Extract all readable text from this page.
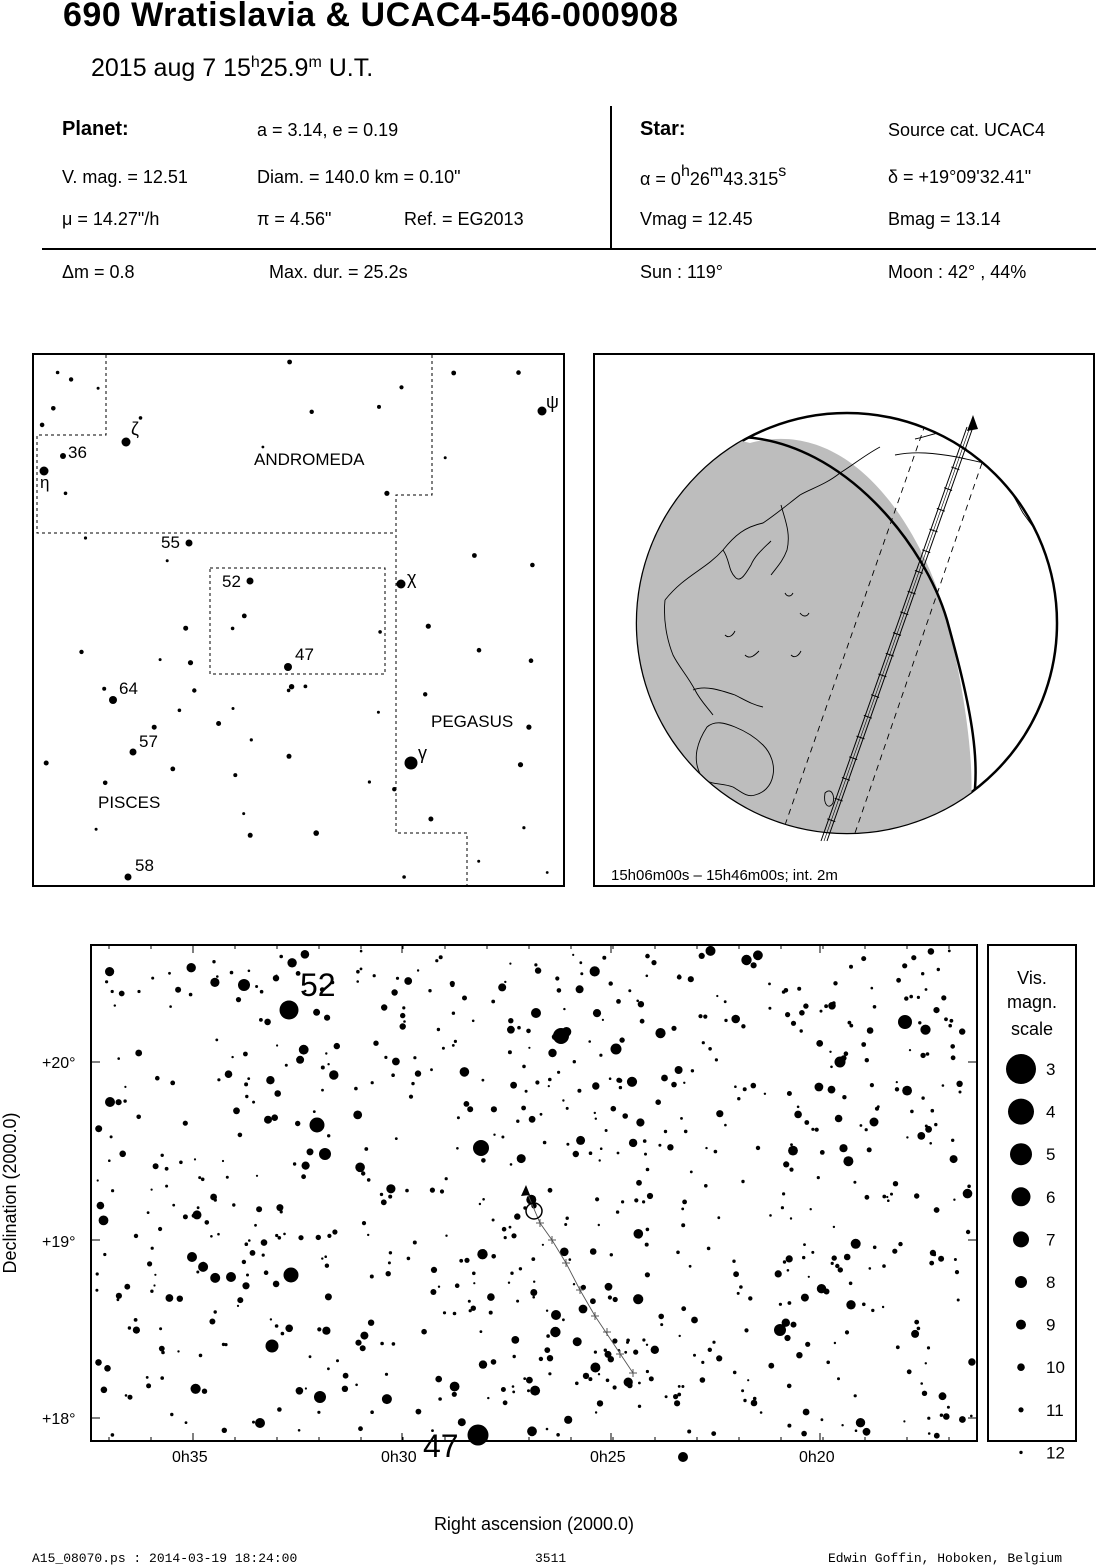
690 Wratislavia & UCAC4-546-000908
2015 aug 7 15$^h$25.9$^m$ U.T.
Planet:	a = 3.14, e = 0.19
V. mag. = 12.51	Diam. = 140.0 km = 0.10"
μ = 14.27"/h	π = 4.56"	Ref. = EG2013
Star:	Source cat. UCAC4
α = 0h26m43.315s	δ = +19°09'32.41"
Vmag = 12.45	Bmag = 13.14
Δm = 0.8	Max. dur. = 25.2s	Sun : 119°	Moon : 42° , 44%
ANDROMEDA
PEGASUS
PISCES
36
η
ζ
ψ
55
52	χ
47
64
57
γ
58
15h06m00s – 15h46m00s; int. 2m
52
47
0h35	0h30	0h25	0h20
+20°
+19°
+18°
Right ascension (2000.0)
Declination (2000.0)
Vis.
magn.
scale
3
4
5
6
7
8
9
10
11
12
A15_08070.ps : 2014-03-19 18:24:00	3511	Edwin Goffin, Hoboken, Belgium
